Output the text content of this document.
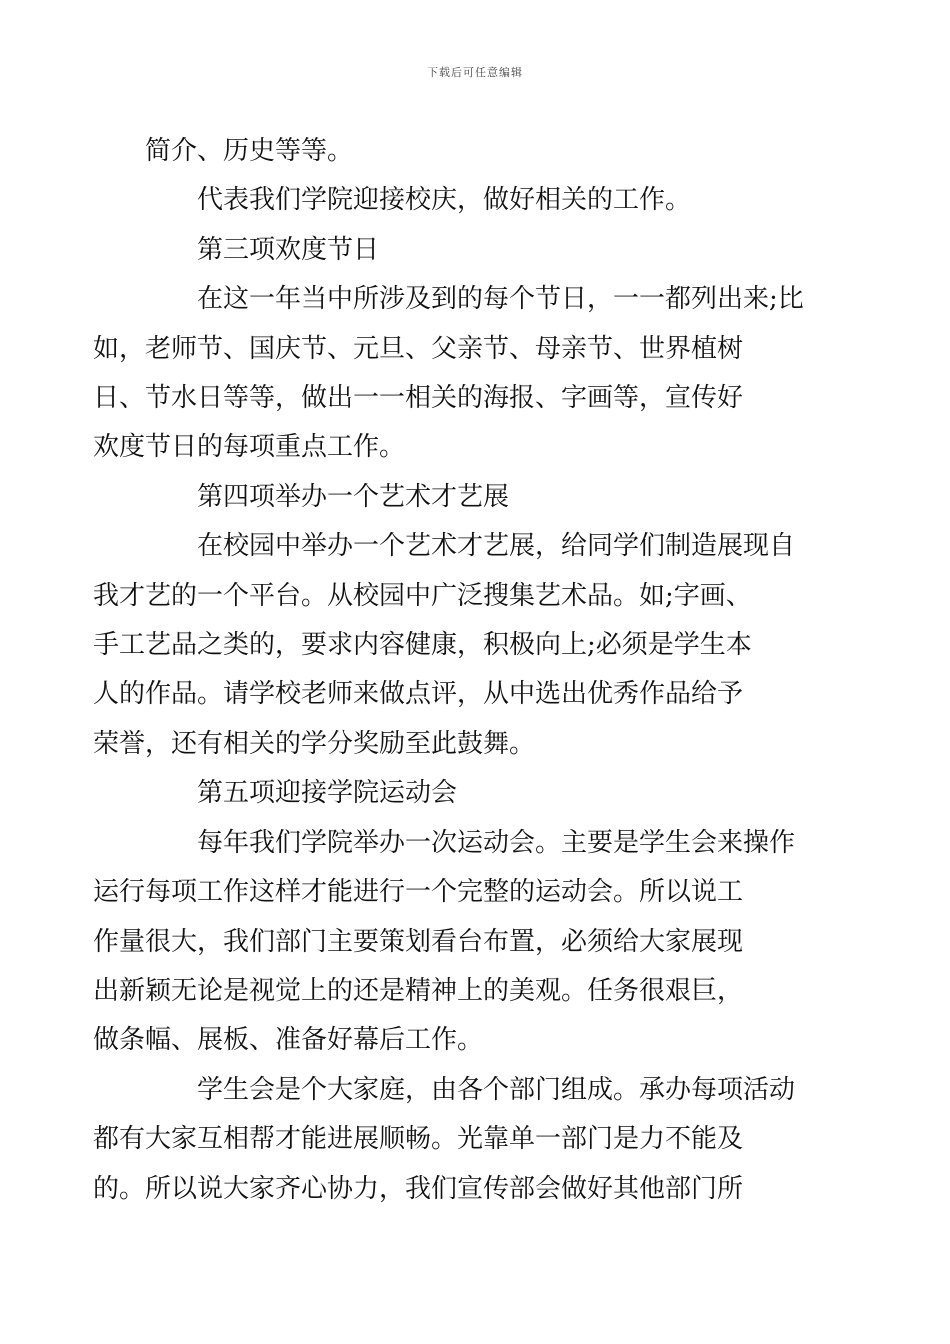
下载后可任意编辑

简介、历史等等。

代表我们学院迎接校庆，做好相关的工作。

第三项欢度节日

在这一年当中所涉及到的每个节日，一一都列出来;比
如，老师节、国庆节、元旦、父亲节、母亲节、世界植树
日、节水日等等，做出一一相关的海报、字画等，宣传好
欢度节日的每项重点工作。

第四项举办一个艺术才艺展

在校园中举办一个艺术才艺展，给同学们制造展现自
我才艺的一个平台。从校园中广泛搜集艺术品。如;字画、
手工艺品之类的，要求内容健康，积极向上;必须是学生本
人的作品。请学校老师来做点评，从中选出优秀作品给予
荣誉，还有相关的学分奖励至此鼓舞。

第五项迎接学院运动会

每年我们学院举办一次运动会。主要是学生会来操作
运行每项工作这样才能进行一个完整的运动会。所以说工
作量很大，我们部门主要策划看台布置，必须给大家展现
出新颖无论是视觉上的还是精神上的美观。任务很艰巨，
做条幅、展板、准备好幕后工作。

学生会是个大家庭，由各个部门组成。承办每项活动
都有大家互相帮才能进展顺畅。光靠单一部门是力不能及
的。所以说大家齐心协力，我们宣传部会做好其他部门所
